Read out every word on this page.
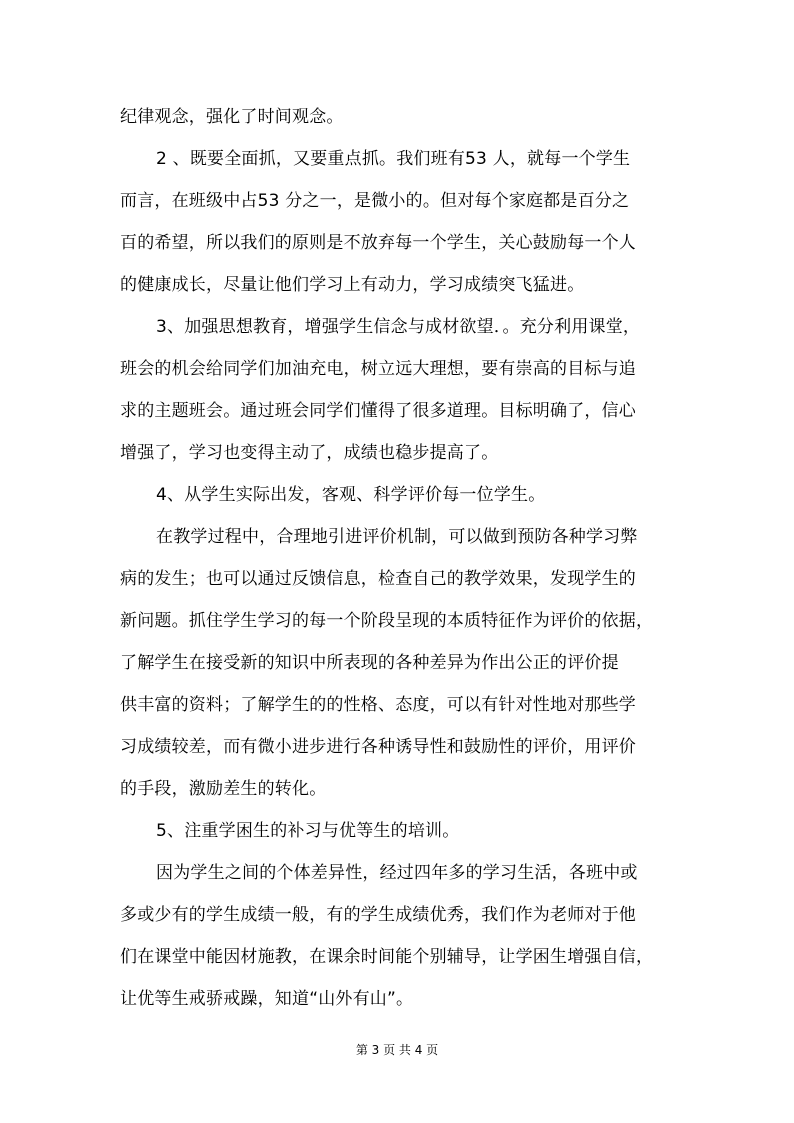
纪律观念，强化了时间观念。
2 、既要全面抓，又要重点抓。我们班有53 人，就每一个学生
而言，在班级中占53 分之一，是微小的。但对每个家庭都是百分之
百的希望，所以我们的原则是不放弃每一个学生，关心鼓励每一个人
的健康成长，尽量让他们学习上有动力，学习成绩突飞猛进。
3、加强思想教育，增强学生信念与成材欲望．。充分利用课堂，
班会的机会给同学们加油充电，树立远大理想，要有崇高的目标与追
求的主题班会。通过班会同学们懂得了很多道理。目标明确了，信心
增强了，学习也变得主动了，成绩也稳步提高了。
4、从学生实际出发，客观、科学评价每一位学生。
在教学过程中，合理地引进评价机制，可以做到预防各种学习弊
病的发生；也可以通过反馈信息，检查自己的教学效果，发现学生的
新问题。抓住学生学习的每一个阶段呈现的本质特征作为评价的依据，
了解学生在接受新的知识中所表现的各种差异为作出公正的评价提
供丰富的资料；了解学生的的性格、态度，可以有针对性地对那些学
习成绩较差，而有微小进步进行各种诱导性和鼓励性的评价，用评价
的手段，激励差生的转化。
5、注重学困生的补习与优等生的培训。
因为学生之间的个体差异性，经过四年多的学习生活，各班中或
多或少有的学生成绩一般，有的学生成绩优秀，我们作为老师对于他
们在课堂中能因材施教，在课余时间能个别辅导，让学困生增强自信，
让优等生戒骄戒躁，知道“山外有山”。
第 3 页 共 4 页
